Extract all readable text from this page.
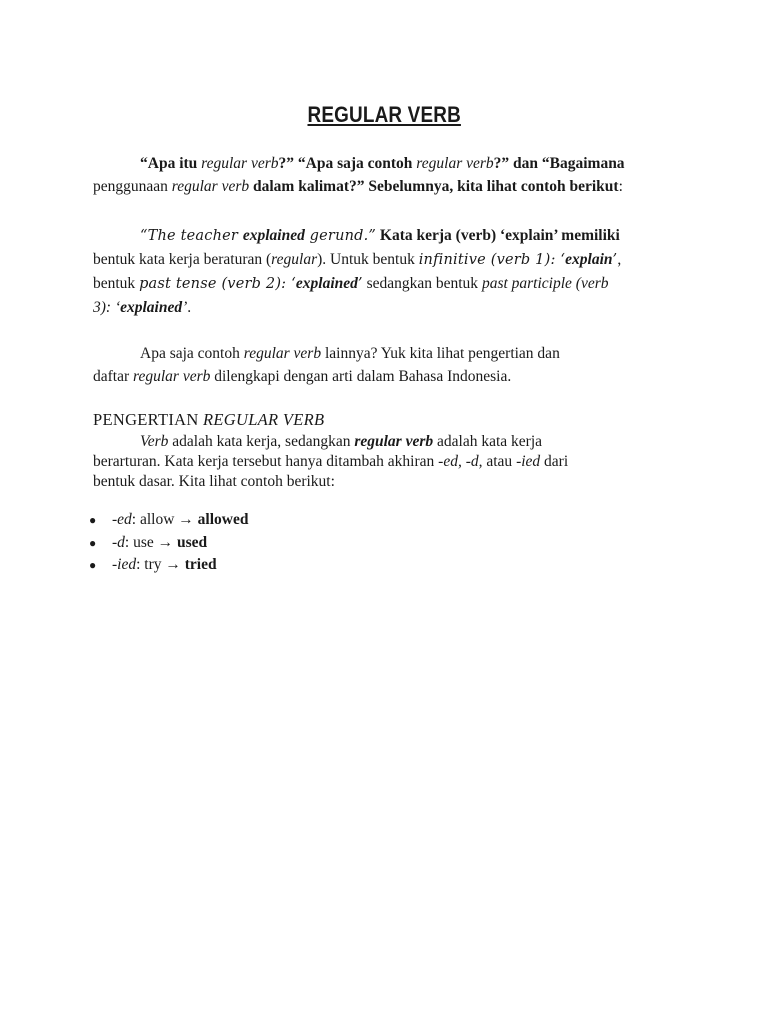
REGULAR VERB

“Apa itu regular verb?” “Apa saja contoh regular verb?” dan “Bagaimana
penggunaan regular verb dalam kalimat?” Sebelumnya, kita lihat contoh berikut:

“The teacher explained gerund.” Kata kerja (verb) ‘explain’ memiliki
bentuk kata kerja beraturan (regular). Untuk bentuk infinitive (verb 1): ‘explain’,
bentuk past tense (verb 2): ‘explained’ sedangkan bentuk past participle (verb
3): ‘explained’.

Apa saja contoh regular verb lainnya? Yuk kita lihat pengertian dan
daftar regular verb dilengkapi dengan arti dalam Bahasa Indonesia.

PENGERTIAN REGULAR VERB

Verb adalah kata kerja, sedangkan regular verb adalah kata kerja
berarturan. Kata kerja tersebut hanya ditambah akhiran -ed, -d, atau -ied dari
bentuk dasar. Kita lihat contoh berikut:

● -ed: allow → allowed
● -d: use → used
● -ied: try → tried
